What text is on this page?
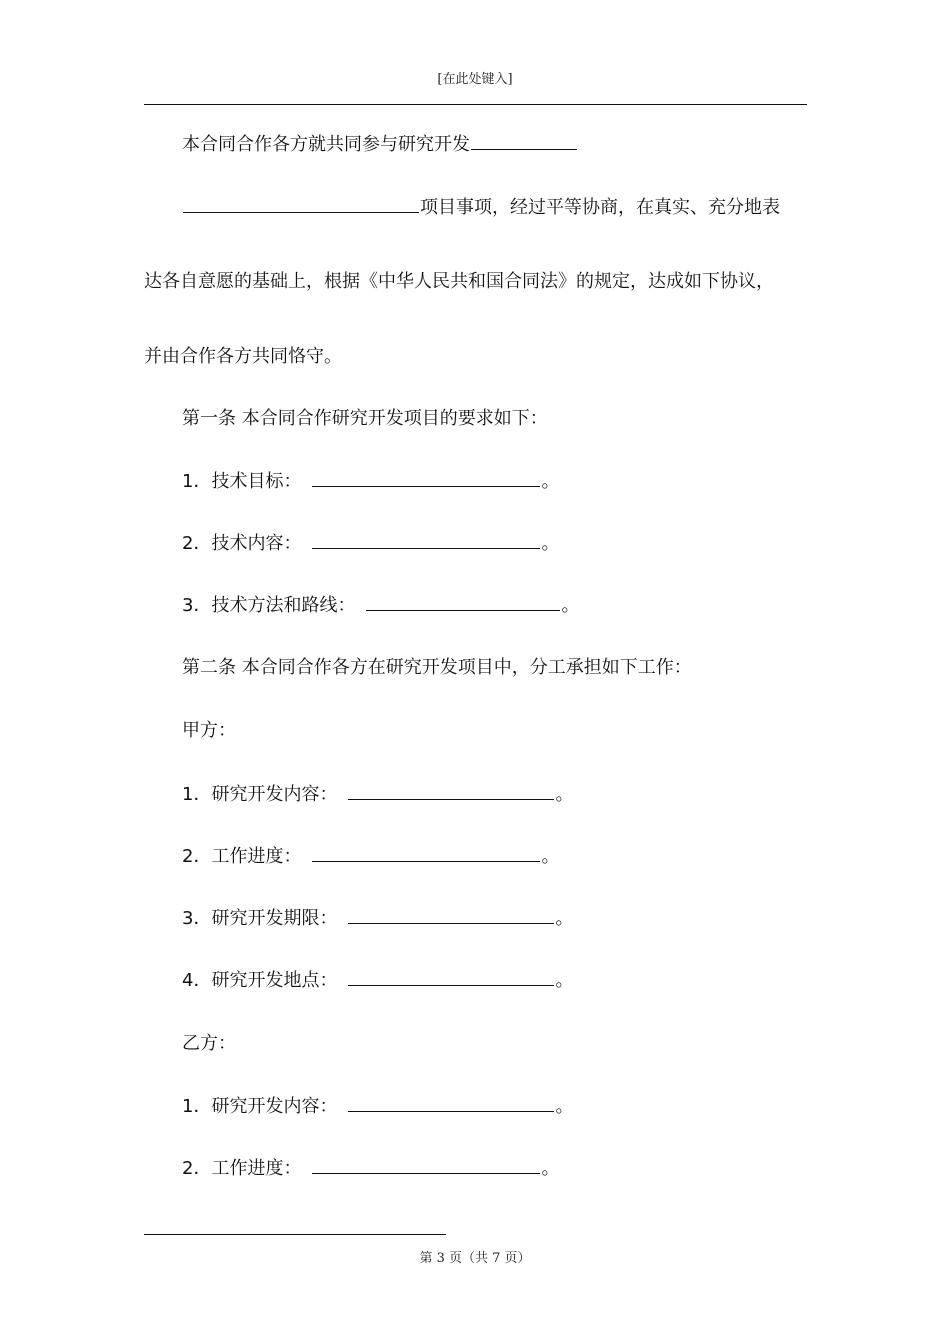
[在此处键入]
本合同合作各方就共同参与研究开发
项目事项，经过平等协商，在真实、充分地表
达各自意愿的基础上，根据《中华人民共和国合同法》的规定，达成如下协议，
并由合作各方共同恪守。
第一条 本合同合作研究开发项目的要求如下：
1．技术目标：	。
2．技术内容：	。
3．技术方法和路线：	。
第二条 本合同合作各方在研究开发项目中，分工承担如下工作：
甲方：
1．研究开发内容：	。
2．工作进度：	。
3．研究开发期限：	。
4．研究开发地点：	。
乙方：
1．研究开发内容：	。
2．工作进度：	。
第 3 页（共 7 页）
